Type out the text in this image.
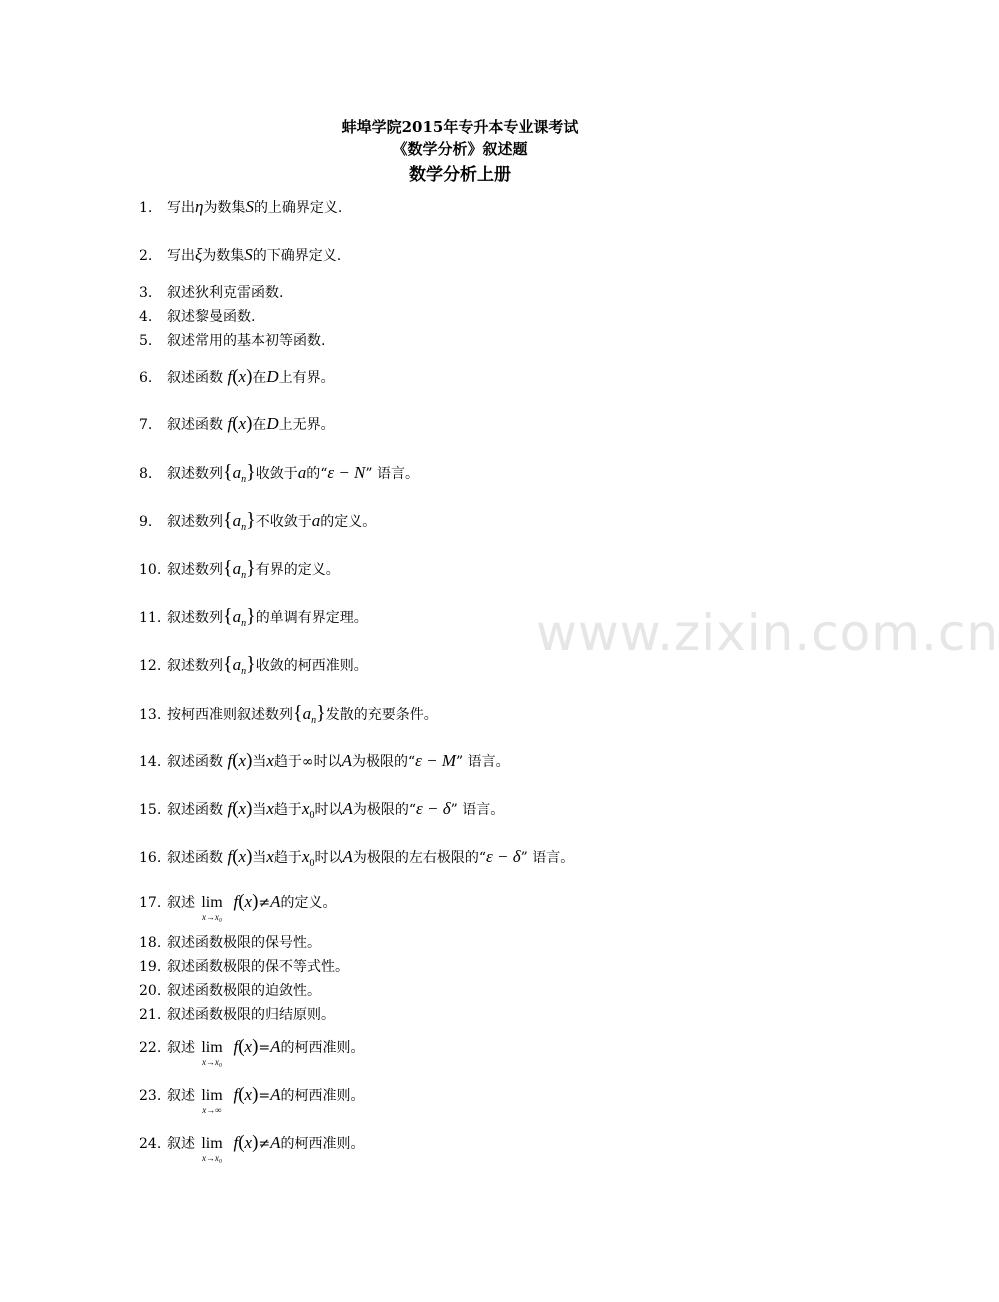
蚌埠学院2015年专升本专业课考试
《数学分析》叙述题
数学分析上册
www.zixin.com.cn
1. 写出η为数集S的上确界定义.
2. 写出ξ为数集S的下确界定义.
3. 叙述狄利克雷函数.
4. 叙述黎曼函数.
5. 叙述常用的基本初等函数.
6. 叙述函数 f(x)在D上有界。
7. 叙述函数 f(x)在D上无界。
8. 叙述数列$\{a_n\}$收敛于a的“ε − N” 语言。
9. 叙述数列$\{a_n\}$不收敛于a的定义。
10. 叙述数列$\{a_n\}$有界的定义。
11. 叙述数列$\{a_n\}$的单调有界定理。
12. 叙述数列$\{a_n\}$收敛的柯西准则。
13. 按柯西准则叙述数列$\{a_n\}$发散的充要条件。
14. 叙述函数 f(x)当x趋于∞时以A为极限的“ε − M” 语言。
15. 叙述函数 f(x)当x趋于$x_0$时以A为极限的“ε − δ” 语言。
16. 叙述函数 f(x)当x趋于$x_0$时以A为极限的左右极限的“ε − δ” 语言。
17. 叙述 lim
x→x₀
f(x)≠A的定义。
18. 叙述函数极限的保号性。
19. 叙述函数极限的保不等式性。
20. 叙述函数极限的迫敛性。
21. 叙述函数极限的归结原则。
22. 叙述 lim
x→x₀
f(x)=A的柯西准则。
23. 叙述 lim
x→∞
f(x)=A的柯西准则。
24. 叙述 lim
x→x₀
f(x)≠A的柯西准则。
